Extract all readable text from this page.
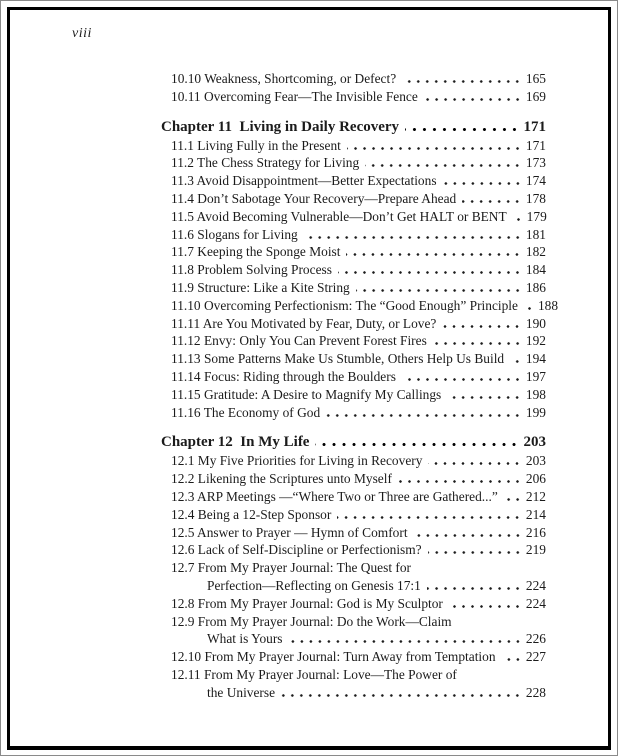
viii
10.10 Weakness, Shortcoming, or Defect?	165
10.11 Overcoming Fear—The Invisible Fence	169
Chapter 11  Living in Daily Recovery	171
11.1 Living Fully in the Present	171
11.2 The Chess Strategy for Living	173
11.3 Avoid Disappointment—Better Expectations	174
11.4 Don’t Sabotage Your Recovery—Prepare Ahead	178
11.5 Avoid Becoming Vulnerable—Don’t Get HALT or BENT 179
11.6 Slogans for Living	181
11.7 Keeping the Sponge Moist	182
11.8 Problem Solving Process	184
11.9 Structure: Like a Kite String	186
11.10 Overcoming Perfectionism: The “Good Enough” Principle 188
11.11 Are You Motivated by Fear, Duty, or Love?	190
11.12 Envy: Only You Can Prevent Forest Fires	192
11.13 Some Patterns Make Us Stumble, Others Help Us Build 194
11.14 Focus: Riding through the Boulders	197
11.15 Gratitude: A Desire to Magnify My Callings	198
11.16 The Economy of God	199
Chapter 12  In My Life	203
12.1 My Five Priorities for Living in Recovery	203
12.2 Likening the Scriptures unto Myself	206
12.3 ARP Meetings —“Where Two or Three are Gathered...” 212
12.4 Being a 12-Step Sponsor	214
12.5 Answer to Prayer — Hymn of Comfort	216
12.6 Lack of Self-Discipline or Perfectionism?	219
12.7 From My Prayer Journal: The Quest for
Perfection—Reflecting on Genesis 17:1	224
12.8 From My Prayer Journal: God is My Sculptor	224
12.9 From My Prayer Journal: Do the Work—Claim
What is Yours	226
12.10 From My Prayer Journal: Turn Away from Temptation 227
12.11 From My Prayer Journal: Love—The Power of
the Universe	228
